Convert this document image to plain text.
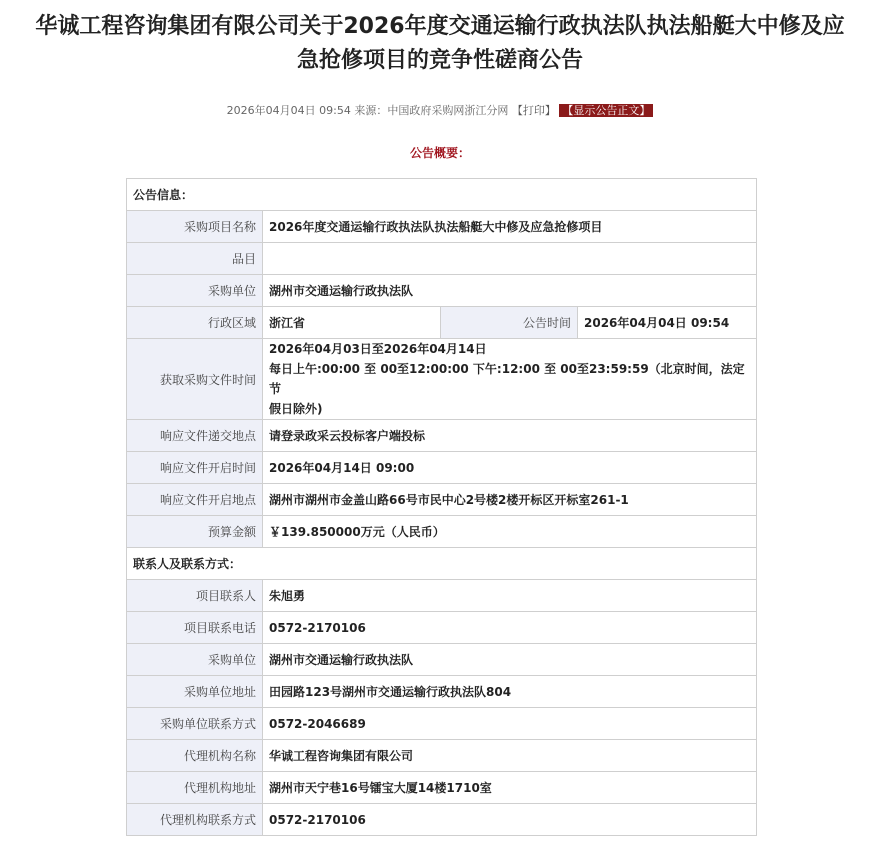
华诚工程咨询集团有限公司关于2026年度交通运输行政执法队执法船艇大中修及应
急抢修项目的竞争性磋商公告
2026年04月04日 09:54 来源：中国政府采购网浙江分网 【打印】 【显示公告正文】
公告概要：
公告信息：			
采购项目名称	2026年度交通运输行政执法队执法船艇大中修及应急抢修项目		
品目			
采购单位	湖州市交通运输行政执法队		
行政区域	浙江省	公告时间	2026年04月04日 09:54
获取采购文件时间	2026年04月03日至2026年04月14日
每日上午:00:00 至 00至12:00:00 下午:12:00 至 00至23:59:59（北京时间，法定节
假日除外)		

响应文件递交地点	请登录政采云投标客户端投标		
响应文件开启时间	2026年04月14日 09:00		
响应文件开启地点	湖州市湖州市金盖山路66号市民中心2号楼2楼开标区开标室261-1		
预算金额	￥139.850000万元（人民币）		
联系人及联系方式：			
项目联系人	朱旭勇		
项目联系电话	0572-2170106		
采购单位	湖州市交通运输行政执法队		
采购单位地址	田园路123号湖州市交通运输行政执法队804		
采购单位联系方式	0572-2046689		
代理机构名称	华诚工程咨询集团有限公司		
代理机构地址	湖州市天宁巷16号镭宝大厦14楼1710室		
代理机构联系方式	0572-2170106		
